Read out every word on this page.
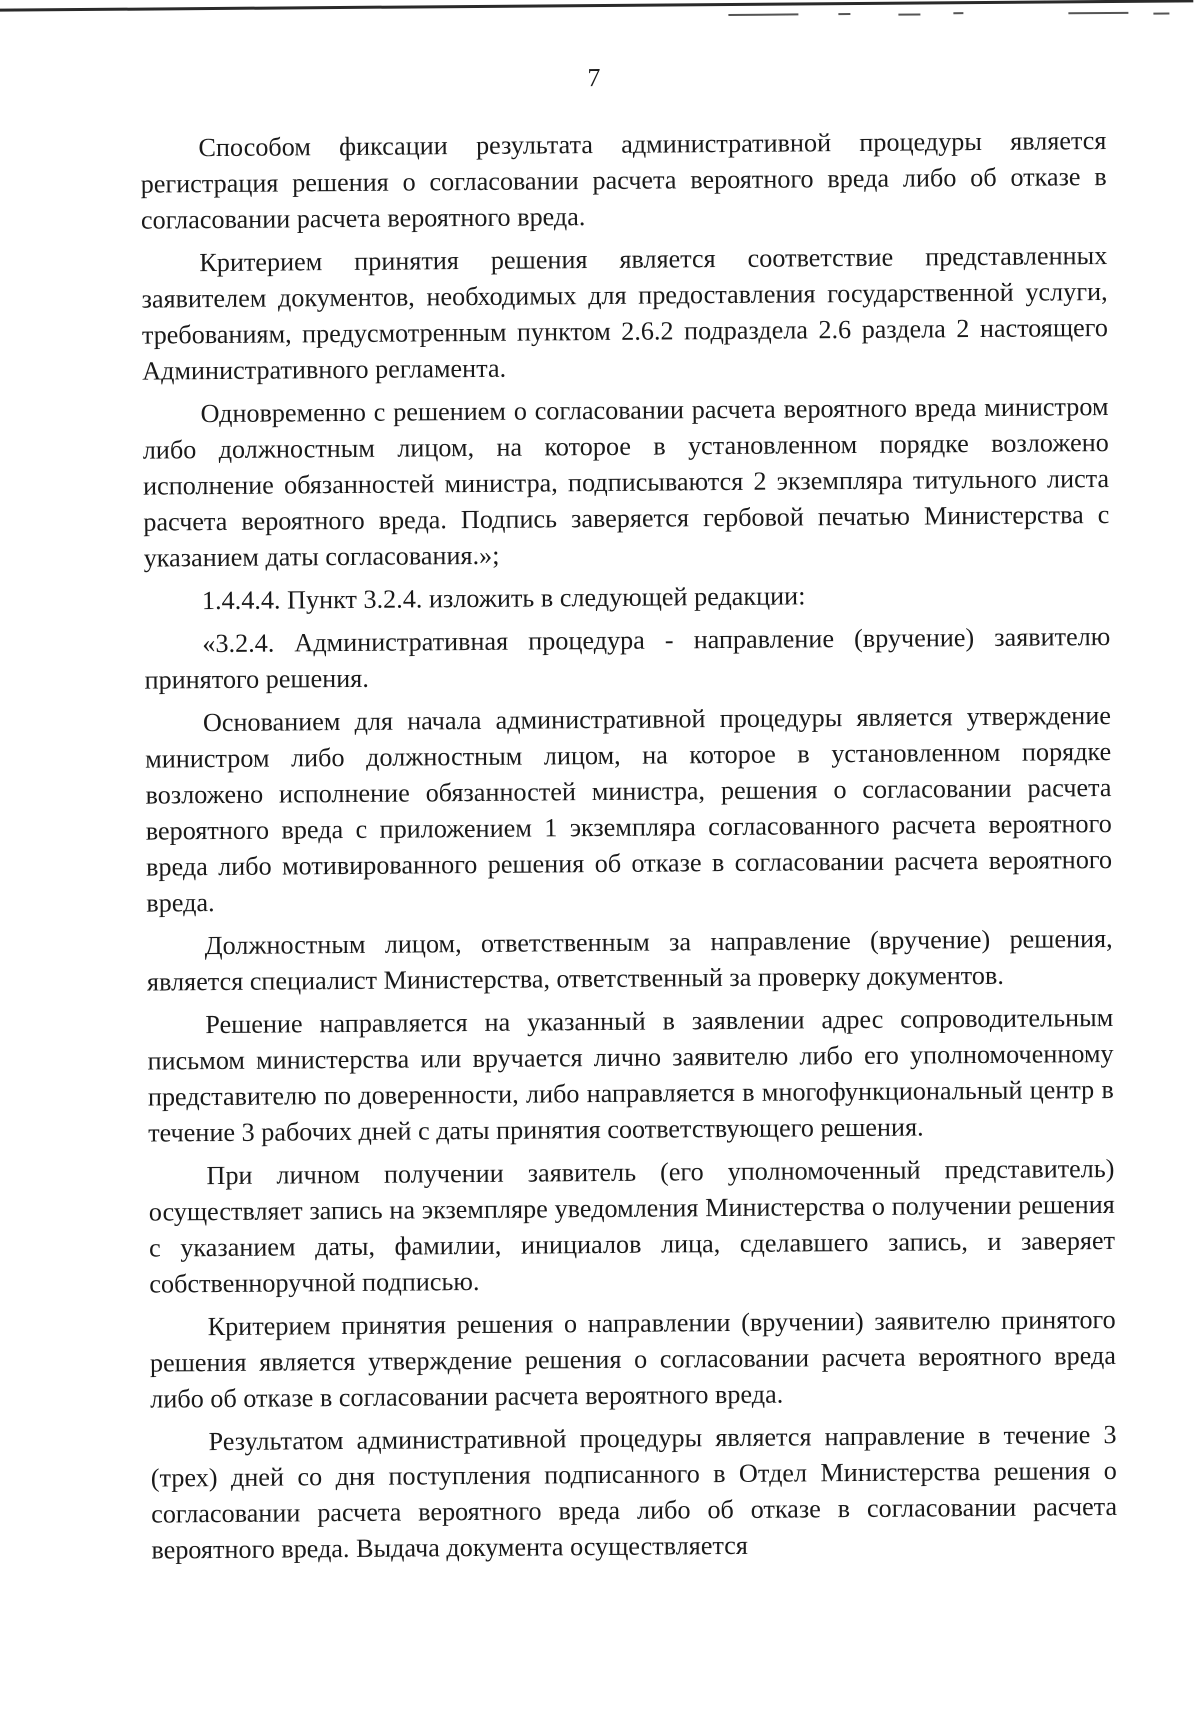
7

Способом фиксации результата административной процедуры является регистрация решения о согласовании расчета вероятного вреда либо об отказе в согласовании расчета вероятного вреда.

Критерием принятия решения является соответствие представленных заявителем документов, необходимых для предоставления государственной услуги, требованиям, предусмотренным пунктом 2.6.2 подраздела 2.6 раздела 2 настоящего Административного регламента.

Одновременно с решением о согласовании расчета вероятного вреда министром либо должностным лицом, на которое в установленном порядке возложено исполнение обязанностей министра, подписываются 2 экземпляра титульного листа расчета вероятного вреда. Подпись заверяется гербовой печатью Министерства с указанием даты согласования.»;

1.4.4.4. Пункт 3.2.4. изложить в следующей редакции:

«3.2.4. Административная процедура - направление (вручение) заявителю принятого решения.

Основанием для начала административной процедуры является утверждение министром либо должностным лицом, на которое в установленном порядке возложено исполнение обязанностей министра, решения о согласовании расчета вероятного вреда с приложением 1 экземпляра согласованного расчета вероятного вреда либо мотивированного решения об отказе в согласовании расчета вероятного вреда.

Должностным лицом, ответственным за направление (вручение) решения, является специалист Министерства, ответственный за проверку документов.

Решение направляется на указанный в заявлении адрес сопроводительным письмом министерства или вручается лично заявителю либо его уполномоченному представителю по доверенности, либо направляется в многофункциональный центр в течение 3 рабочих дней с даты принятия соответствующего решения.

При личном получении заявитель (его уполномоченный представитель) осуществляет запись на экземпляре уведомления Министерства о получении решения с указанием даты, фамилии, инициалов лица, сделавшего запись, и заверяет собственноручной подписью.

Критерием принятия решения о направлении (вручении) заявителю принятого решения является утверждение решения о согласовании расчета вероятного вреда либо об отказе в согласовании расчета вероятного вреда.

Результатом административной процедуры является направление в течение 3 (трех) дней со дня поступления подписанного в Отдел Министерства решения о согласовании расчета вероятного вреда либо об отказе в согласовании расчета вероятного вреда. Выдача документа осуществляется
